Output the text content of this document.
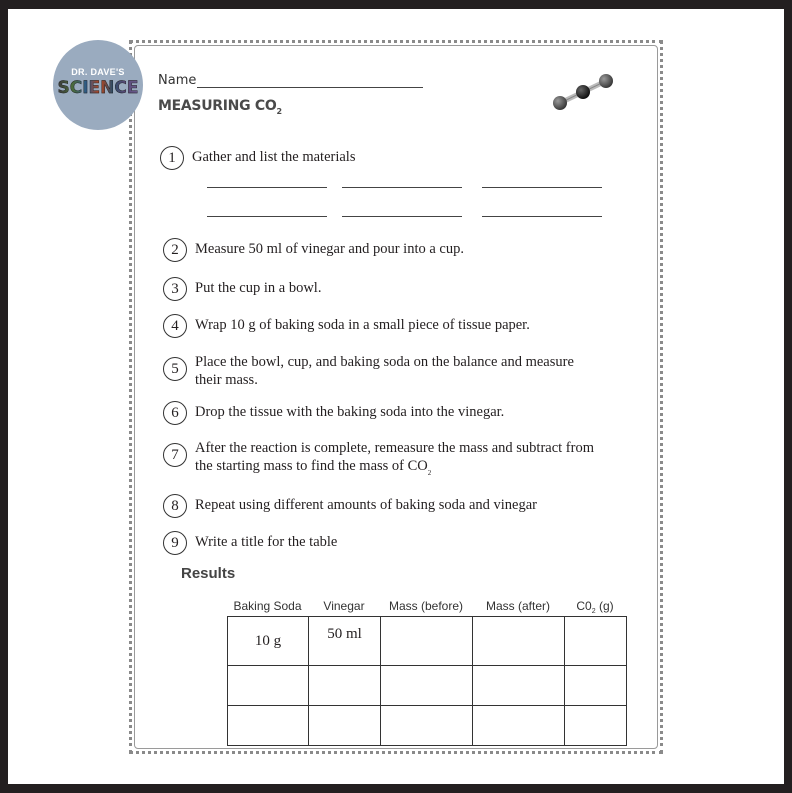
DR. DAVE'S
SCIENCE Name
MEASURING $CO_2$
1	Gather and list the materials
2	Measure 50 ml of vinegar and pour into a cup.
3	Put the cup in a bowl.
4	Wrap 10 g of baking soda in a small piece of tissue paper.
5	Place the bowl, cup, and baking soda on the balance and measure their mass.
6	Drop the tissue with the baking soda into the vinegar.
7	After the reaction is complete, remeasure the mass and subtract from the starting mass to find the mass of $CO_2$
8	Repeat using different amounts of baking soda and vinegar
9	Write a title for the table
Results
Baking Soda	Vinegar	Mass (before)	Mass (after)	$C0_2$ (g)
10 g	50 ml			
